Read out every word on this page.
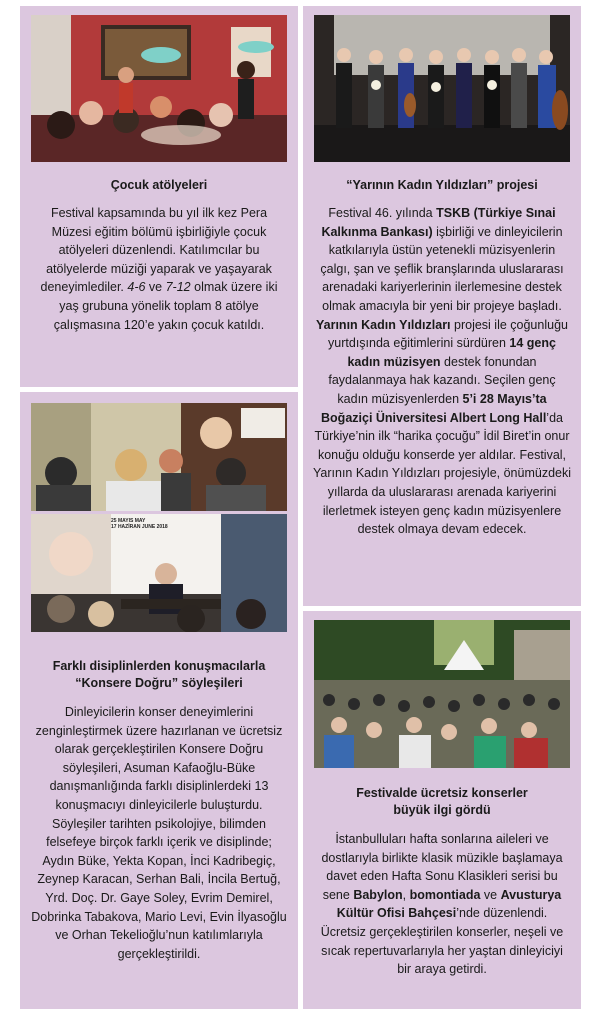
Çocuk atölyeleri
Festival kapsamında bu yıl ilk kez Pera Müzesi eğitim bölümü işbirliğiyle çocuk atölyeleri düzenlendi. Katılımcılar bu atölyelerde müziği yaparak ve yaşayarak deneyimlediler. 4-6 ve 7-12 olmak üzere iki yaş grubuna yönelik toplam 8 atölye çalışmasına 120’e yakın çocuk katıldı.
25 MAYIS MAY
17 HAZİRAN JUNE 2018
Farklı disiplinlerden konuşmacılarla
“Konsere Doğru” söyleşileri
Dinleyicilerin konser deneyimlerini zenginleştirmek üzere hazırlanan ve ücretsiz olarak gerçekleştirilen Konsere Doğru söyleşileri, Asuman Kafaoğlu-Büke danışmanlığında farklı disiplinlerdeki 13 konuşmacıyı dinleyicilerle buluşturdu. Söyleşiler tarihten psikolojiye, bilimden felsefeye birçok farklı içerik ve disiplinde; Aydın Büke, Yekta Kopan, İnci Kadribegiç, Zeynep Karacan, Serhan Bali, İncila Bertuğ, Yrd. Doç. Dr. Gaye Soley, Evrim Demirel, Dobrinka Tabakova, Mario Levi, Evin İlyasoğlu ve Orhan Tekelioğlu’nun katılımlarıyla gerçekleştirildi.
“Yarının Kadın Yıldızları” projesi
Festival 46. yılında TSKB (Türkiye Sınai Kalkınma Bankası) işbirliği ve dinleyicilerin katkılarıyla üstün yetenekli müzisyenlerin çalgı, şan ve şeflik branşlarında uluslararası arenadaki kariyerlerinin ilerlemesine destek olmak amacıyla bir yeni bir projeye başladı. Yarının Kadın Yıldızları projesi ile çoğunluğu yurtdışında eğitimlerini sürdüren 14 genç kadın müzisyen destek fonundan faydalanmaya hak kazandı. Seçilen genç kadın müzisyenlerden 5’i 28 Mayıs’ta Boğaziçi Üniversitesi Albert Long Hall’da Türkiye’nin ilk “harika çocuğu” İdil Biret’in onur konuğu olduğu konserde yer aldılar. Festival, Yarının Kadın Yıldızları projesiyle, önümüzdeki yıllarda da uluslararası arenada kariyerini ilerletmek isteyen genç kadın müzisyenlere destek olmaya devam edecek.
Festivalde ücretsiz konserler
büyük ilgi gördü
İstanbulluları hafta sonlarına aileleri ve dostlarıyla birlikte klasik müzikle başlamaya davet eden Hafta Sonu Klasikleri serisi bu sene Babylon, bomontiada ve Avusturya Kültür Ofisi Bahçesi’nde düzenlendi. Ücretsiz gerçekleştirilen konserler, neşeli ve sıcak repertuvarlarıyla her yaştan dinleyiciyi bir araya getirdi.
